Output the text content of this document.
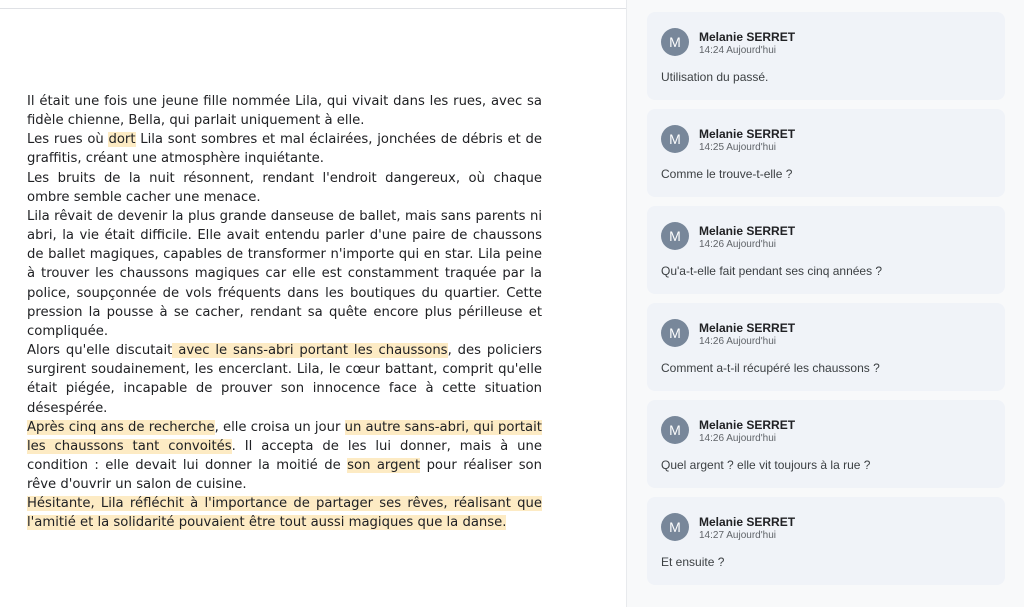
Il était une fois une jeune fille nommée Lila, qui vivait dans les rues, avec sa fidèle chienne, Bella, qui parlait uniquement à elle.

Les rues où dort Lila sont sombres et mal éclairées, jonchées de débris et de graffitis, créant une atmosphère inquiétante.

Les bruits de la nuit résonnent, rendant l'endroit dangereux, où chaque ombre semble cacher une menace.

Lila rêvait de devenir la plus grande danseuse de ballet, mais sans parents ni abri, la vie était difficile. Elle avait entendu parler d'une paire de chaussons de ballet magiques, capables de transformer n'importe qui en star. Lila peine à trouver les chaussons magiques car elle est constamment traquée par la police, soupçonnée de vols fréquents dans les boutiques du quartier. Cette pression la pousse à se cacher, rendant sa quête encore plus périlleuse et compliquée.

Alors qu'elle discutait avec le sans-abri portant les chaussons, des policiers surgirent soudainement, les encerclant. Lila, le cœur battant, comprit qu'elle était piégée, incapable de prouver son innocence face à cette situation désespérée.

Après cinq ans de recherche, elle croisa un jour un autre sans-abri, qui portait les chaussons tant convoités. Il accepta de les lui donner, mais à une condition : elle devait lui donner la moitié de son argent pour réaliser son rêve d'ouvrir un salon de cuisine.

Hésitante, Lila réfléchit à l'importance de partager ses rêves, réalisant que l'amitié et la solidarité pouvaient être tout aussi magiques que la danse.

M	Melanie SERRET
14:24 Aujourd'hui
Utilisation du passé.
M	Melanie SERRET
14:25 Aujourd'hui
Comme le trouve-t-elle ?
M	Melanie SERRET
14:26 Aujourd'hui
Qu'a-t-elle fait pendant ses cinq années ?
M	Melanie SERRET
14:26 Aujourd'hui
Comment a-t-il récupéré les chaussons ?
M	Melanie SERRET
14:26 Aujourd'hui
Quel argent ? elle vit toujours à la rue ?
M	Melanie SERRET
14:27 Aujourd'hui
Et ensuite ?
